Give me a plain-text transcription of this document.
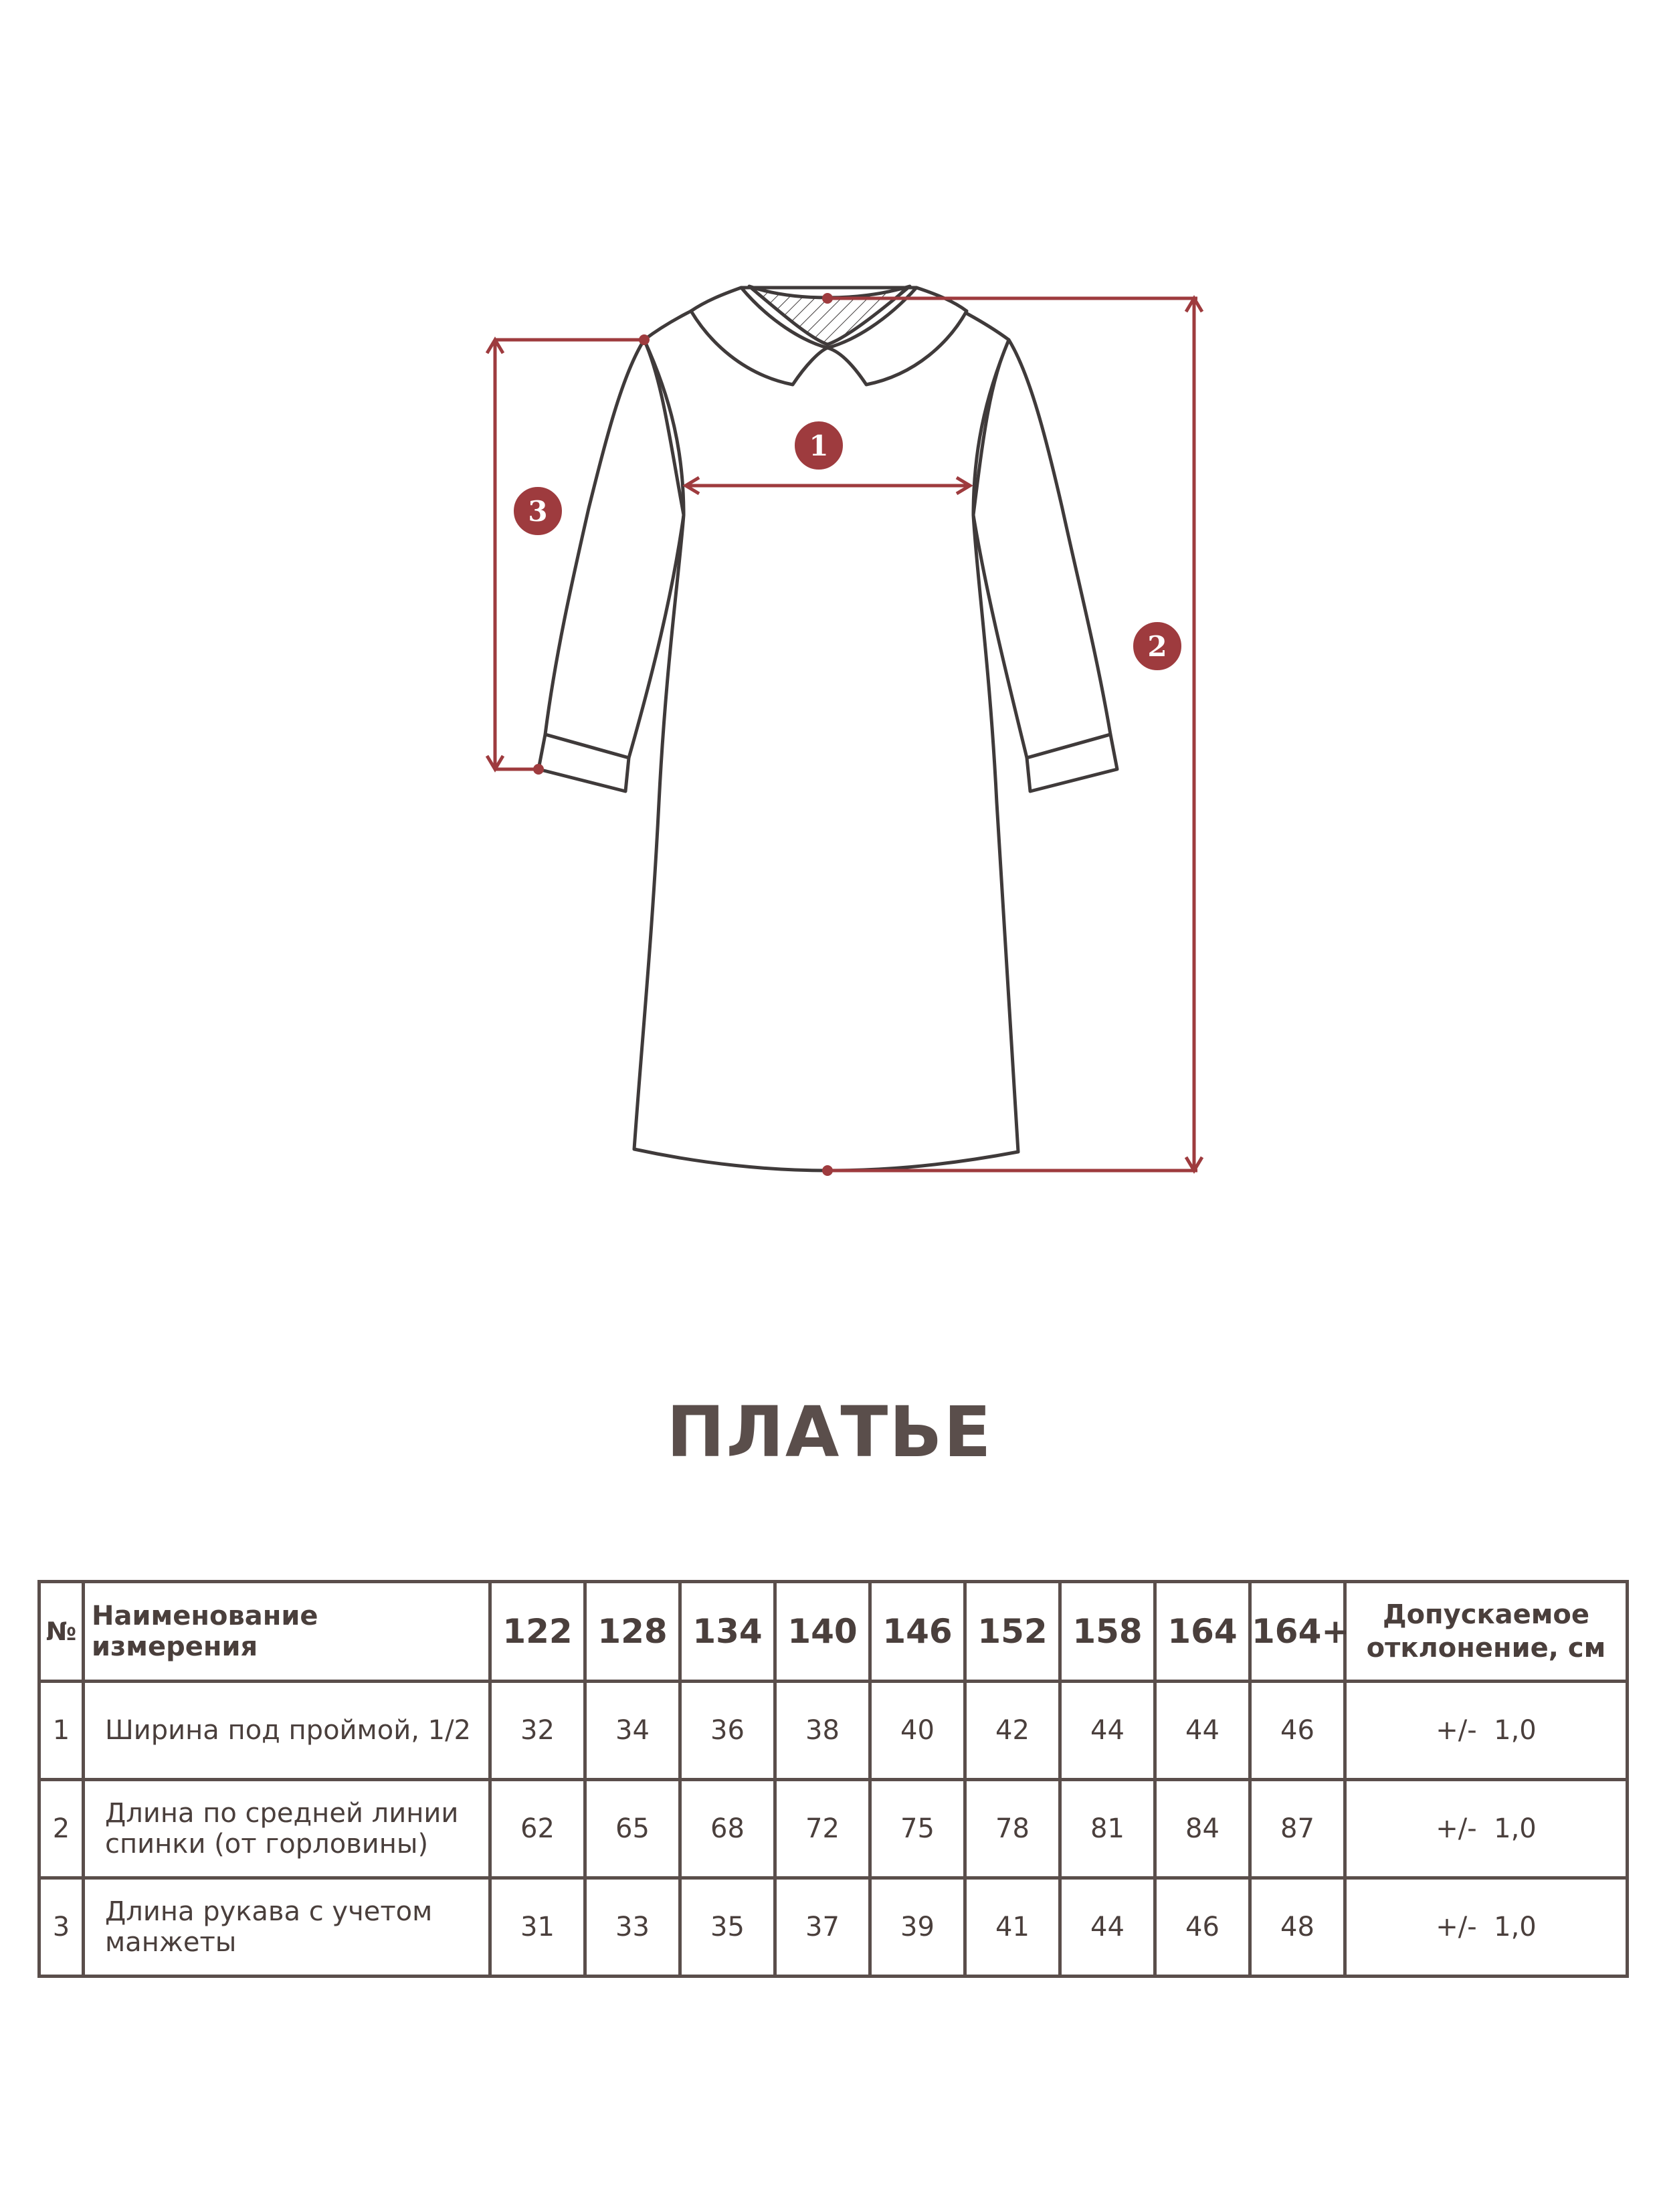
1
2
3
ПЛАТЬЕ
№	Наименование измерения	122	128	134	140	146	152	158	164	164+	Допускаемое
отклонение, см
1	Ширина под проймой, 1/2	32	34	36	38	40	42	44	44	46	+/-  1,0
2	Длина по средней линии
спинки (от горловины)	62	65	68	72	75	78	81	84	87	+/-  1,0
3	Длина рукава с учетом
манжеты	31	33	35	37	39	41	44	46	48	+/-  1,0
